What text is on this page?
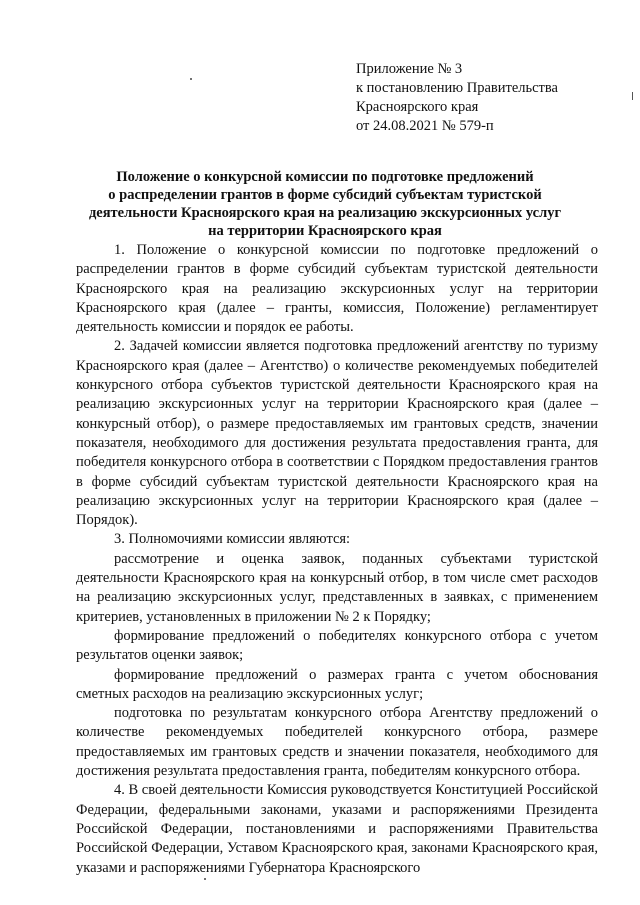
Приложение № 3
к постановлению Правительства
Красноярского края
от 24.08.2021 № 579-п
Положение о конкурсной комиссии по подготовке предложений
о распределении грантов в форме субсидий субъектам туристской
деятельности Красноярского края на реализацию экскурсионных услуг
на территории Красноярского края

1. Положение о конкурсной комиссии по подготовке предложений о распределении грантов в форме субсидий субъектам туристской деятельности Красноярского края на реализацию экскурсионных услуг на территории Красноярского края (далее – гранты, комиссия, Положение) регламентирует деятельность комиссии и порядок ее работы.

2. Задачей комиссии является подготовка предложений агентству по туризму Красноярского края (далее – Агентство) о количестве рекомендуемых победителей конкурсного отбора субъектов туристской деятельности Красноярского края на реализацию экскурсионных услуг на территории Красноярского края (далее – конкурсный отбор), о размере предоставляемых им грантовых средств, значении показателя, необходимого для достижения результата предоставления гранта, для победителя конкурсного отбора в соответствии с Порядком предоставления грантов в форме субсидий субъектам туристской деятельности Красноярского края на реализацию экскурсионных услуг на территории Красноярского края (далее – Порядок).

3. Полномочиями комиссии являются:

рассмотрение и оценка заявок, поданных субъектами туристской деятельности Красноярского края на конкурсный отбор, в том числе смет расходов на реализацию экскурсионных услуг, представленных в заявках, с применением критериев, установленных в приложении № 2 к Порядку;

формирование предложений о победителях конкурсного отбора с учетом результатов оценки заявок;

формирование предложений о размерах гранта с учетом обоснования сметных расходов на реализацию экскурсионных услуг;

подготовка по результатам конкурсного отбора Агентству предложений о количестве рекомендуемых победителей конкурсного отбора, размере предоставляемых им грантовых средств и значении показателя, необходимого для достижения результата предоставления гранта, победителям конкурсного отбора.

4. В своей деятельности Комиссия руководствуется Конституцией Российской Федерации, федеральными законами, указами и распоряжениями Президента Российской Федерации, постановлениями и распоряжениями Правительства Российской Федерации, Уставом Красноярского края, законами Красноярского края, указами и распоряжениями Губернатора Красноярского
